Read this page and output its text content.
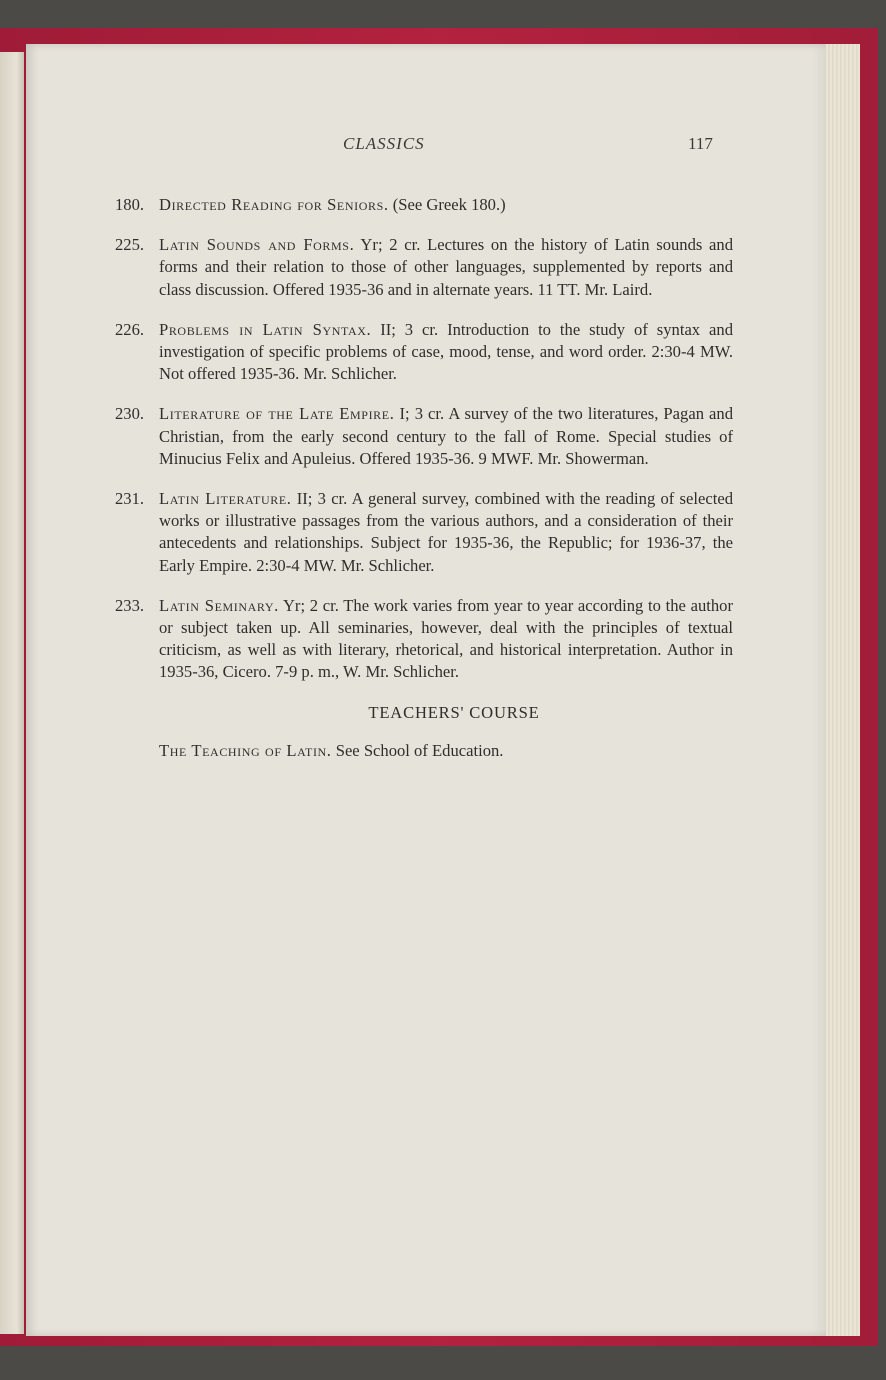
CLASSICS	117
180. Directed Reading for Seniors. (See Greek 180.)
225. Latin Sounds and Forms. Yr; 2 cr. Lectures on the history of Latin sounds and forms and their relation to those of other languages, supplemented by reports and class discussion. Offered 1935-36 and in alternate years. 11 TT. Mr. Laird.
226. Problems in Latin Syntax. II; 3 cr. Introduction to the study of syntax and investigation of specific problems of case, mood, tense, and word order. 2:30-4 MW. Not offered 1935-36. Mr. Schlicher.
230. Literature of the Late Empire. I; 3 cr. A survey of the two literatures, Pagan and Christian, from the early second century to the fall of Rome. Special studies of Minucius Felix and Apuleius. Offered 1935-36. 9 MWF. Mr. Showerman.
231. Latin Literature. II; 3 cr. A general survey, combined with the reading of selected works or illustrative passages from the various authors, and a consideration of their antecedents and relationships. Subject for 1935-36, the Republic; for 1936-37, the Early Empire. 2:30-4 MW. Mr. Schlicher.
233. Latin Seminary. Yr; 2 cr. The work varies from year to year according to the author or subject taken up. All seminaries, however, deal with the principles of textual criticism, as well as with literary, rhetorical, and historical interpretation. Author in 1935-36, Cicero. 7-9 p. m., W. Mr. Schlicher.
TEACHERS' COURSE
The Teaching of Latin. See School of Education.
